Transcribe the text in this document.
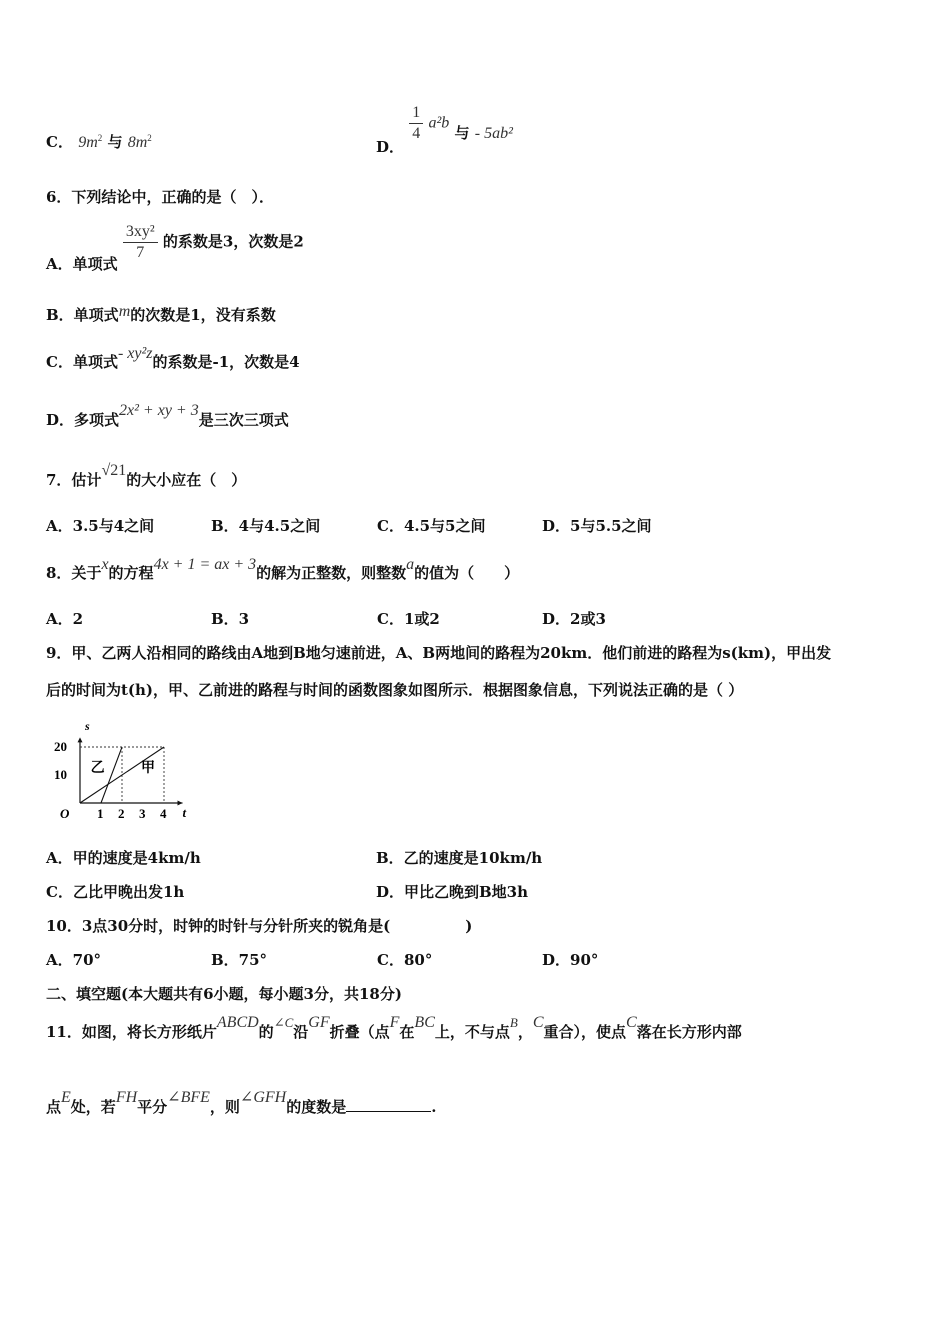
C． $9m^2$ 与 $8m^2$	D．
$\frac{1}{4} a^2b$ 与 - 5ab²
6．下列结论中，正确的是（　）．
A．单项式
$\frac{\text{3xy²}}{7}$ 的系数是3，次数是2
B．单项式m的次数是1，没有系数
C．单项式- xy²z的系数是-1，次数是4
D．多项式2x² + xy + 3是三次三项式
7．估计√21的大小应在（　）
A．3.5与4之间	B．4与4.5之间	C．4.5与5之间	D．5与5.5之间
8．关于x的方程4x + 1 = ax + 3的解为正整数，则整数a的值为（　　）
A．2	B．3	C．1或2	D．2或3
9．甲、乙两人沿相同的路线由A地到B地匀速前进，A、B两地间的路程为20km．他们前进的路程为s(km)，甲出发
后的时间为t(h)，甲、乙前进的路程与时间的函数图象如图所示．根据图象信息，下列说法正确的是（ ）
t
s
O 1 2 3 4
10
20
甲
乙
A．甲的速度是4km/h	B．乙的速度是10km/h
C．乙比甲晚出发1h	D．甲比乙晚到B地3h
10．3点30分时，时钟的时针与分针所夹的锐角是(　　　　　)
A．70°	B．75°	C．80°	D．90°
二、填空题(本大题共有6小题，每小题3分，共18分)
11．如图，将长方形纸片ABCD的∠C沿GF折叠（点F在BC上，不与点B，C重合），使点C落在长方形内部
点E处，若FH平分∠BFE，则∠GFH的度数是	.
